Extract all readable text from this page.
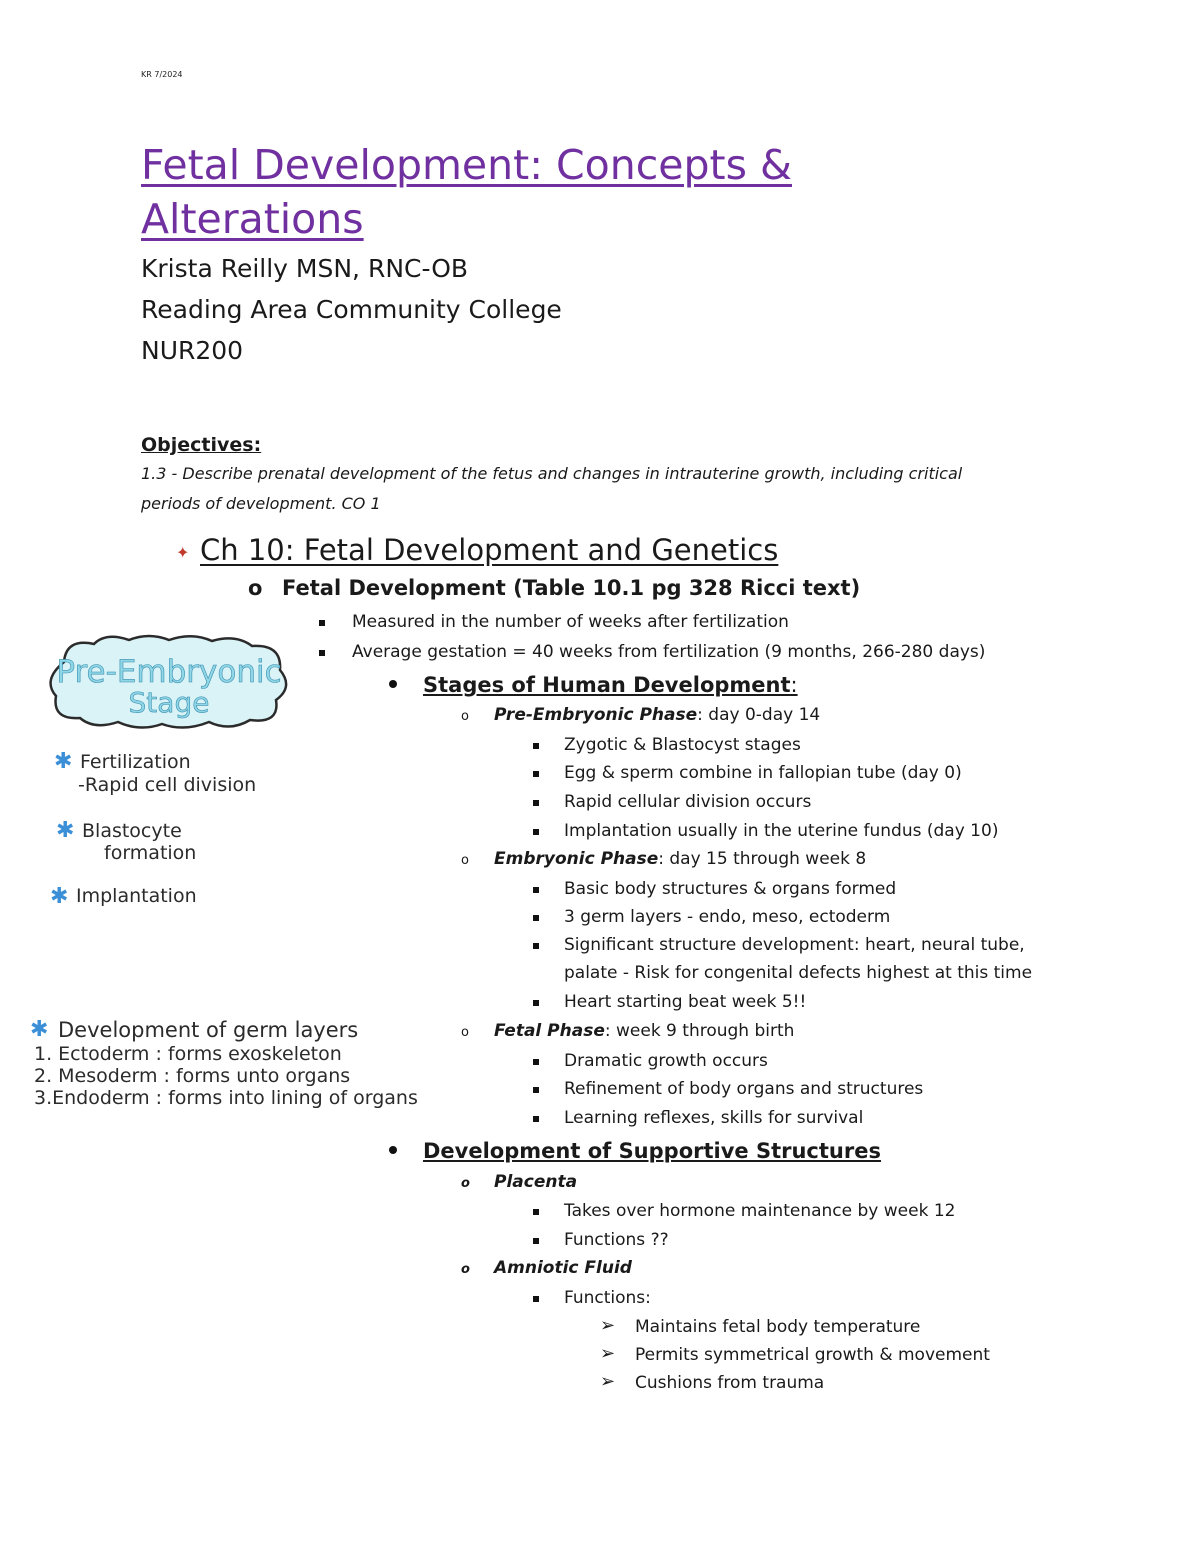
KR 7/2024
Fetal Development: Concepts &
Alterations
Krista Reilly MSN, RNC-OB
Reading Area Community College
NUR200
Objectives:
1.3 - Describe prenatal development of the fetus and changes in intrauterine growth, including critical
periods of development. CO 1
✦ Ch 10: Fetal Development and Genetics
o Fetal Development (Table 10.1 pg 328 Ricci text)
Measured in the number of weeks after fertilization
Average gestation = 40 weeks from fertilization (9 months, 266-280 days)
Stages of Human Development:
o Pre-Embryonic Phase: day 0-day 14
Zygotic & Blastocyst stages
Egg & sperm combine in fallopian tube (day 0)
Rapid cellular division occurs
Implantation usually in the uterine fundus (day 10)
o Embryonic Phase: day 15 through week 8
Basic body structures & organs formed
3 germ layers - endo, meso, ectoderm
Significant structure development: heart, neural tube,
palate - Risk for congenital defects highest at this time
Heart starting beat week 5!!
o Fetal Phase: week 9 through birth
Dramatic growth occurs
Refinement of body organs and structures
Learning reflexes, skills for survival
Development of Supportive Structures
o Placenta
Takes over hormone maintenance by week 12
Functions ??
o Amniotic Fluid
Functions:
➢ Maintains fetal body temperature
➢ Permits symmetrical growth & movement
➢ Cushions from trauma
Pre-Embryonic
Stage
✱ Fertilization
-Rapid cell division
✱ Blastocyte
formation
✱ Implantation
✱ Development of germ layers
1. Ectoderm : forms exoskeleton
2. Mesoderm : forms unto organs
3.Endoderm : forms into lining of organs
